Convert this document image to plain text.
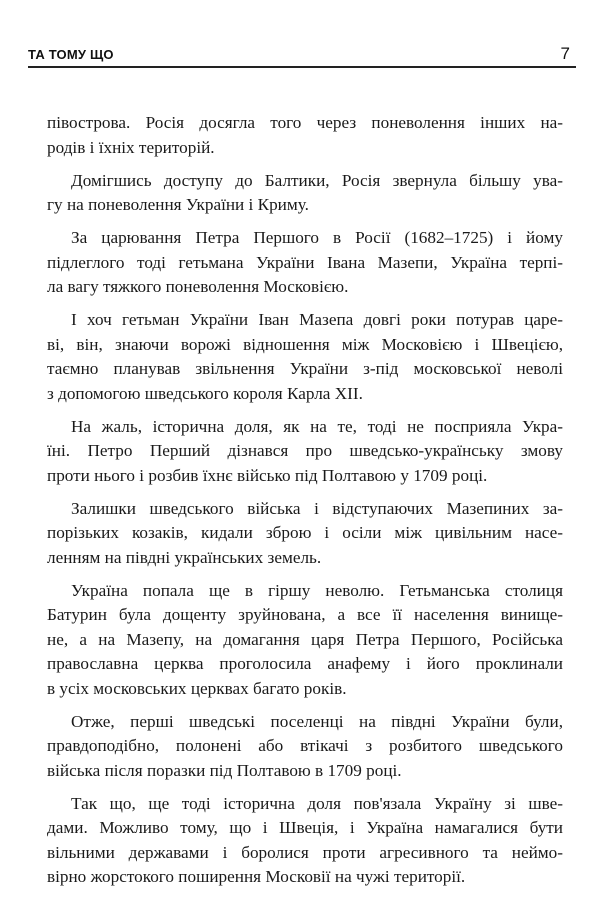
ТА ТОМУ ЩО	7

півострова. Росія досягла того через поневолення інших на-
родів і їхніх територій.

Домігшись доступу до Балтики, Росія звернула більшу ува-
гу на поневолення України і Криму.

За царювання Петра Першого в Росії (1682–1725) і йому
підлеглого тоді гетьмана України Івана Мазепи, Україна терпі-
ла вагу тяжкого поневолення Московією.

І хоч гетьман України Іван Мазепа довгі роки потурав царе-
ві, він, знаючи ворожі відношення між Московією і Швецією,
таємно планував звільнення України з-під московської неволі
з допомогою шведського короля Карла XII.

На жаль, історична доля, як на те, тоді не посприяла Укра-
їні. Петро Перший дізнався про шведсько-українську змову
проти нього і розбив їхнє військо під Полтавою у 1709 році.

Залишки шведського війська і відступаючих Мазепиних за-
порізьких козаків, кидали зброю і осіли між цивільним насе-
ленням на півдні українських земель.

Україна попала ще в гіршу неволю. Гетьманська столиця
Батурин була дощенту зруйнована, а все її населення винище-
не, а на Мазепу, на домагання царя Петра Першого, Російська
православна церква проголосила анафему і його проклинали
в усіх московських церквах багато років.

Отже, перші шведські поселенці на півдні України були,
правдоподібно, полонені або втікачі з розбитого шведського
війська після поразки під Полтавою в 1709 році.

Так що, ще тоді історична доля пов'язала Україну зі шве-
дами. Можливо тому, що і Швеція, і Україна намагалися бути
вільними державами і боролися проти агресивного та неймо-
вірно жорстокого поширення Московії на чужі території.
